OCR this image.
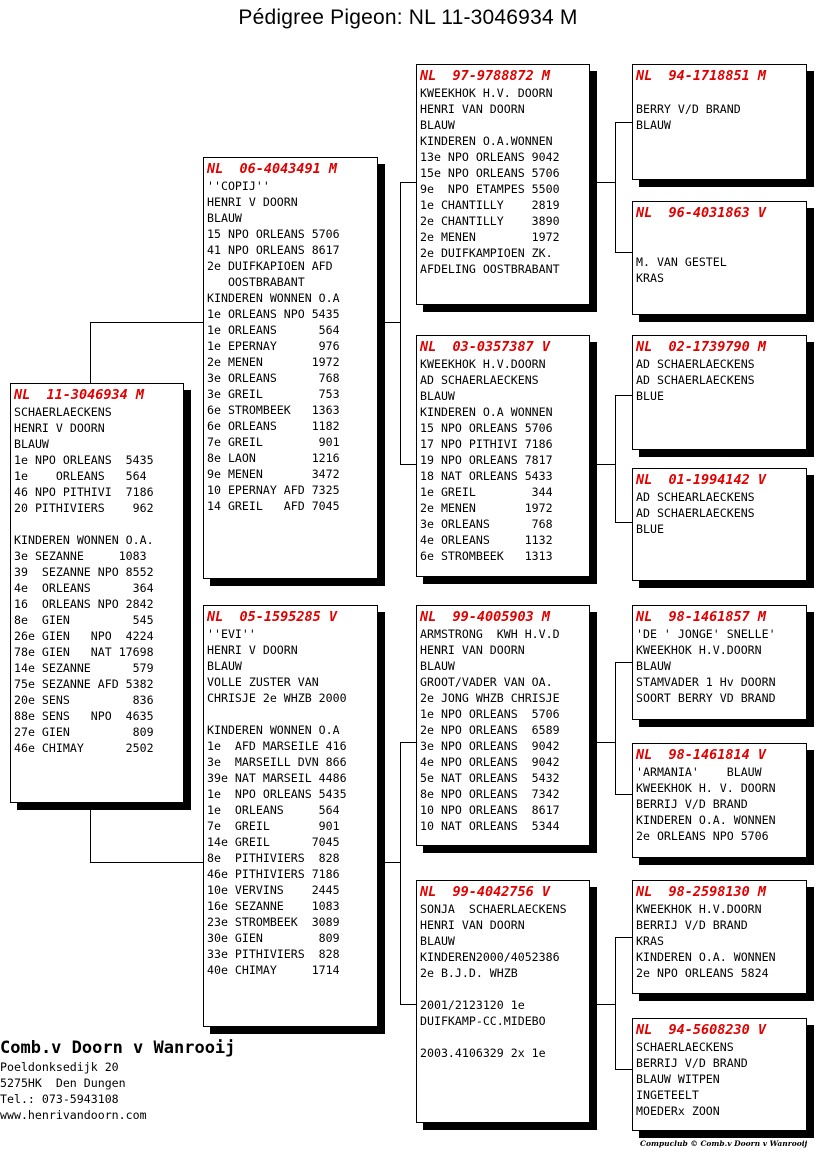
Pédigree Pigeon: NL 11-3046934 M
NL  11-3046934 M
SCHAERLAECKENS
HENRI V DOORN
BLAUW
1e NPO ORLEANS  5435
1e    ORLEANS   564
46 NPO PITHIVI  7186
20 PITHIVIERS    962
KINDEREN WONNEN O.A.
3e SEZANNE     1083
39  SEZANNE NPO 8552
4e  ORLEANS      364
16  ORLEANS NPO 2842
8e  GIEN         545
26e GIEN   NPO  4224
78e GIEN   NAT 17698
14e SEZANNE      579
75e SEZANNE AFD 5382
20e SENS         836
88e SENS   NPO  4635
27e GIEN         809
46e CHIMAY      2502
NL  06-4043491 M
''COPIJ''
HENRI V DOORN
BLAUW
15 NPO ORLEANS 5706
41 NPO ORLEANS 8617
2e DUIFKAPIOEN AFD
OOSTBRABANT
KINDEREN WONNEN O.A
1e ORLEANS NPO 5435
1e ORLEANS      564
1e EPERNAY      976
2e MENEN       1972
3e ORLEANS      768
3e GREIL        753
6e STROMBEEK   1363
6e ORLEANS     1182
7e GREIL        901
8e LAON        1216
9e MENEN       3472
10 EPERNAY AFD 7325
14 GREIL   AFD 7045
NL  05-1595285 V
''EVI''
HENRI V DOORN
BLAUW
VOLLE ZUSTER VAN
CHRISJE 2e WHZB 2000
KINDEREN WONNEN O.A
1e  AFD MARSEILE 416
3e  MARSEILL DVN 866
39e NAT MARSEIL 4486
1e  NPO ORLEANS 5435
1e  ORLEANS     564
7e  GREIL       901
14e GREIL      7045
8e  PITHIVIERS  828
46e PITHIVIERS 7186
10e VERVINS    2445
16e SEZANNE    1083
23e STROMBEEK  3089
30e GIEN        809
33e PITHIVIERS  828
40e CHIMAY     1714
NL  97-9788872 M
KWEEKHOK H.V. DOORN
HENRI VAN DOORN
BLAUW
KINDEREN O.A.WONNEN
13e NPO ORLEANS 9042
15e NPO ORLEANS 5706
9e  NPO ETAMPES 5500
1e CHANTILLY    2819
2e CHANTILLY    3890
2e MENEN        1972
2e DUIFKAMPIOEN ZK.
AFDELING OOSTBRABANT
NL  03-0357387 V
KWEEKHOK H.V.DOORN
AD SCHAERLAECKENS
BLAUW
KINDEREN O.A WONNEN
15 NPO ORLEANS 5706
17 NPO PITHIVI 7186
19 NPO ORLEANS 7817
18 NAT ORLEANS 5433
1e GREIL        344
2e MENEN       1972
3e ORLEANS      768
4e ORLEANS     1132
6e STROMBEEK   1313
NL  99-4005903 M
ARMSTRONG  KWH H.V.D
HENRI VAN DOORN
BLAUW
GROOT/VADER VAN OA.
2e JONG WHZB CHRISJE
1e NPO ORLEANS  5706
2e NPO ORLEANS  6589
3e NPO ORLEANS  9042
4e NPO ORLEANS  9042
5e NAT ORLEANS  5432
8e NPO ORLEANS  7342
10 NPO ORLEANS  8617
10 NAT ORLEANS  5344
NL  99-4042756 V
SONJA  SCHAERLAECKENS
HENRI VAN DOORN
BLAUW
KINDEREN2000/4052386
2e B.J.D. WHZB
2001/2123120 1e
DUIFKAMP-CC.MIDEBO
2003.4106329 2x 1e
NL  94-1718851 M
BERRY V/D BRAND
BLAUW
NL  96-4031863 V
M. VAN GESTEL
KRAS
NL  02-1739790 M
AD SCHAERLAECKENS
AD SCHAERLAECKENS
BLUE
NL  01-1994142 V
AD SCHEARLAECKENS
AD SCHAERLAECKENS
BLUE
NL  98-1461857 M
'DE ' JONGE' SNELLE'
KWEEKHOK H.V.DOORN
BLAUW
STAMVADER 1 Hv DOORN
SOORT BERRY VD BRAND
NL  98-1461814 V
'ARMANIA'    BLAUW
KWEEKHOK H. V. DOORN
BERRIJ V/D BRAND
KINDEREN O.A. WONNEN
2e ORLEANS NPO 5706
NL  98-2598130 M
KWEEKHOK H.V.DOORN
BERRIJ V/D BRAND
KRAS
KINDEREN O.A. WONNEN
2e NPO ORLEANS 5824
NL  94-5608230 V
SCHAERLAECKENS
BERRIJ V/D BRAND
BLAUW WITPEN
INGETEELT
MOEDERx ZOON
Comb.v Doorn v Wanrooij
Poeldonksedijk 20
5275HK  Den Dungen
Tel.: 073-5943108
www.henrivandoorn.com
Compuclub © Comb.v Doorn v Wanrooij
